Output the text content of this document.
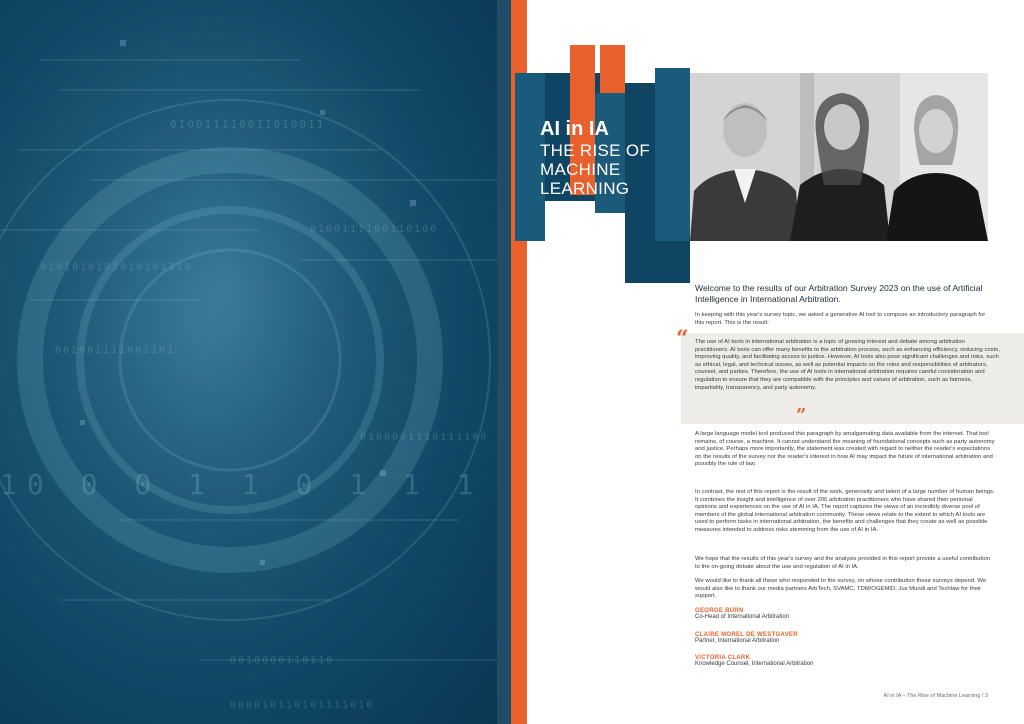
010011110011010011
0100111100110100
0101010101010101110
001001111001101
0100001110111100
10 0 0 1 1 0 1 1 1
0010000110110
000010110101111010
AI in IA
THE RISE OF
MACHINE
LEARNING
Welcome to the results of our Arbitration Survey 2023 on the use of Artificial Intelligence in International Arbitration.
In keeping with this year's survey topic, we asked a generative AI tool to compose an introductory paragraph for this report. This is the result:
“ The use of AI tools in international arbitration is a topic of growing interest and debate among arbitration practitioners. AI tools can offer many benefits to the arbitration process, such as enhancing efficiency, reducing costs, improving quality, and facilitating access to justice. However, AI tools also pose significant challenges and risks, such as ethical, legal, and technical issues, as well as potential impacts on the roles and responsibilities of arbitrators, counsel, and parties. Therefore, the use of AI tools in international arbitration requires careful consideration and regulation to ensure that they are compatible with the principles and values of arbitration, such as fairness, impartiality, transparency, and party autonomy.
”
A large language model tool produced this paragraph by amalgamating data available from the internet. That tool remains, of course, a machine. It cannot understand the meaning of foundational concepts such as party autonomy and justice. Perhaps more importantly, the statement was created with regard to neither the reader's expectations on the results of the survey nor the reader's interest in how AI may impact the future of international arbitration and possibly the rule of law.
In contrast, the rest of this report is the result of the work, generosity and talent of a large number of human beings. It combines the insight and intelligence of over 200 arbitration practitioners who have shared their personal opinions and experiences on the use of AI in IA. The report captures the views of an incredibly diverse pool of members of the global international arbitration community. These views relate to the extent to which AI tools are used to perform tasks in international arbitration, the benefits and challenges that they create as well as possible measures intended to address risks stemming from the use of AI in IA.
We hope that the results of this year's survey and the analysis provided in this report provide a useful contribution to the on-going debate about the use and regulation of AI in IA.
We would like to thank all those who responded to the survey, on whose contribution these surveys depend. We would also like to thank our media partners ArbTech, SVAMC, TDM/OGEMID, Jus Mundi and Techlaw for their support.
GEORGE BURN
Co-Head of International Arbitration
CLAIRE MOREL DE WESTGAVER
Partner, International Arbitration
VICTORIA CLARK
Knowledge Counsel, International Arbitration
AI in IA – The Rise of Machine Learning / 3
